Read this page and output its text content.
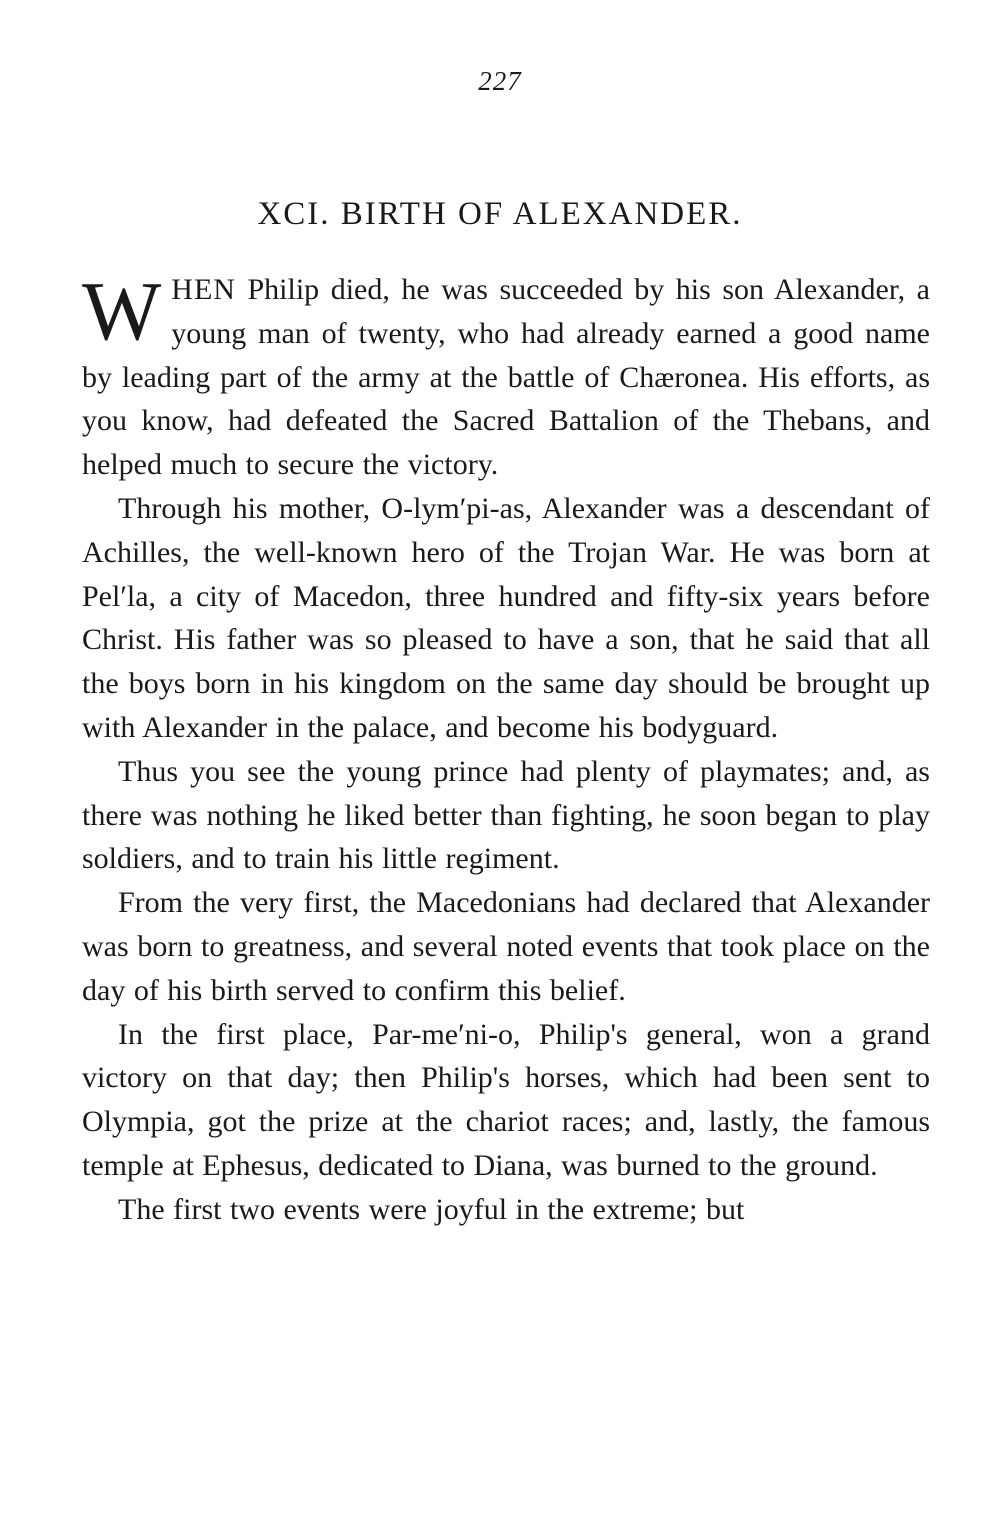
227
XCI. BIRTH OF ALEXANDER.

WHEN Philip died, he was succeeded by his son Alexander, a young man of twenty, who had already earned a good name by leading part of the army at the battle of Chæronea. His efforts, as you know, had defeated the Sacred Battalion of the Thebans, and helped much to secure the victory.

Through his mother, O-lym′pi-as, Alexander was a descendant of Achilles, the well-known hero of the Trojan War. He was born at Pel′la, a city of Macedon, three hundred and fifty-six years before Christ. His father was so pleased to have a son, that he said that all the boys born in his kingdom on the same day should be brought up with Alexander in the palace, and become his bodyguard.

Thus you see the young prince had plenty of playmates; and, as there was nothing he liked better than fighting, he soon began to play soldiers, and to train his little regiment.

From the very first, the Macedonians had declared that Alexander was born to greatness, and several noted events that took place on the day of his birth served to confirm this belief.

In the first place, Par-me′ni-o, Philip's general, won a grand victory on that day; then Philip's horses, which had been sent to Olympia, got the prize at the chariot races; and, lastly, the famous temple at Ephesus, dedicated to Diana, was burned to the ground.

The first two events were joyful in the extreme; but
